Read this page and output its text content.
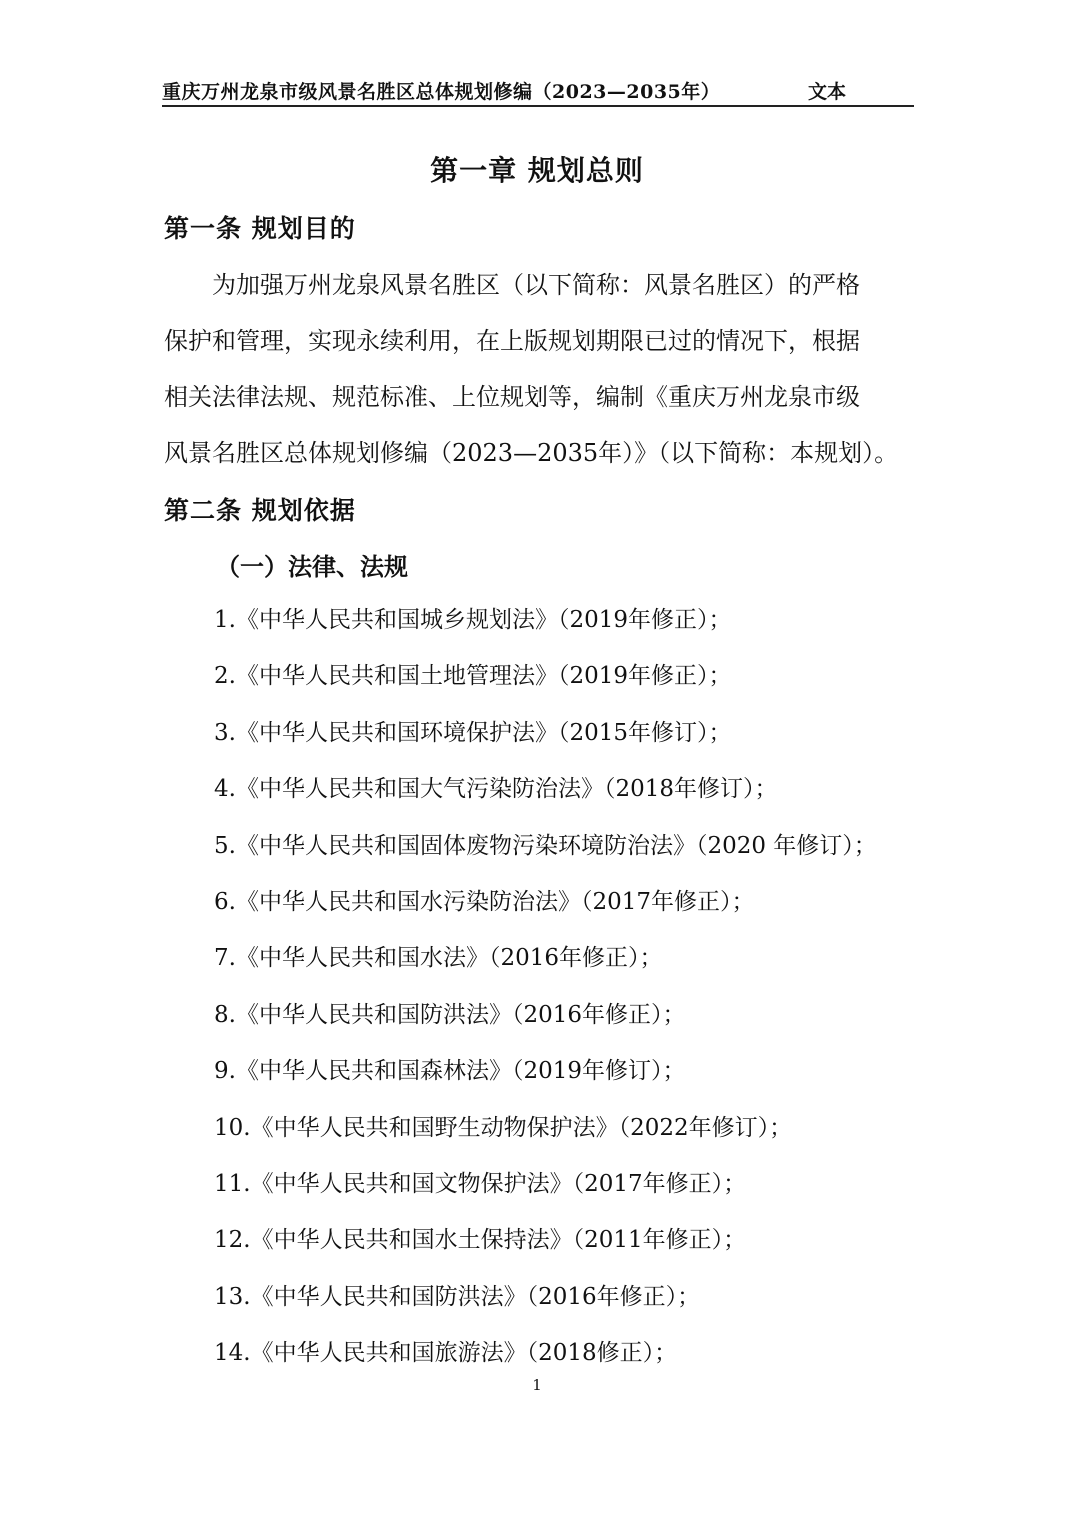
重庆万州龙泉市级风景名胜区总体规划修编（2023—2035年）	文本
第一章 规划总则
第一条 规划目的
　　为加强万州龙泉风景名胜区（以下简称：风景名胜区）的严格
保护和管理，实现永续利用，在上版规划期限已过的情况下，根据
相关法律法规、规范标准、上位规划等，编制《重庆万州龙泉市级
风景名胜区总体规划修编（2023—2035年）》（以下简称：本规划）。
第二条 规划依据
（一）法律、法规
1.《中华人民共和国城乡规划法》（2019年修正）；
2.《中华人民共和国土地管理法》（2019年修正）；
3.《中华人民共和国环境保护法》（2015年修订）；
4.《中华人民共和国大气污染防治法》（2018年修订）；
5.《中华人民共和国固体废物污染环境防治法》（2020 年修订）；
6.《中华人民共和国水污染防治法》（2017年修正）；
7.《中华人民共和国水法》（2016年修正）；
8.《中华人民共和国防洪法》（2016年修正）；
9.《中华人民共和国森林法》（2019年修订）；
10.《中华人民共和国野生动物保护法》（2022年修订）；
11.《中华人民共和国文物保护法》（2017年修正）；
12.《中华人民共和国水土保持法》（2011年修正）；
13.《中华人民共和国防洪法》（2016年修正）；
14.《中华人民共和国旅游法》（2018修正）；
1
